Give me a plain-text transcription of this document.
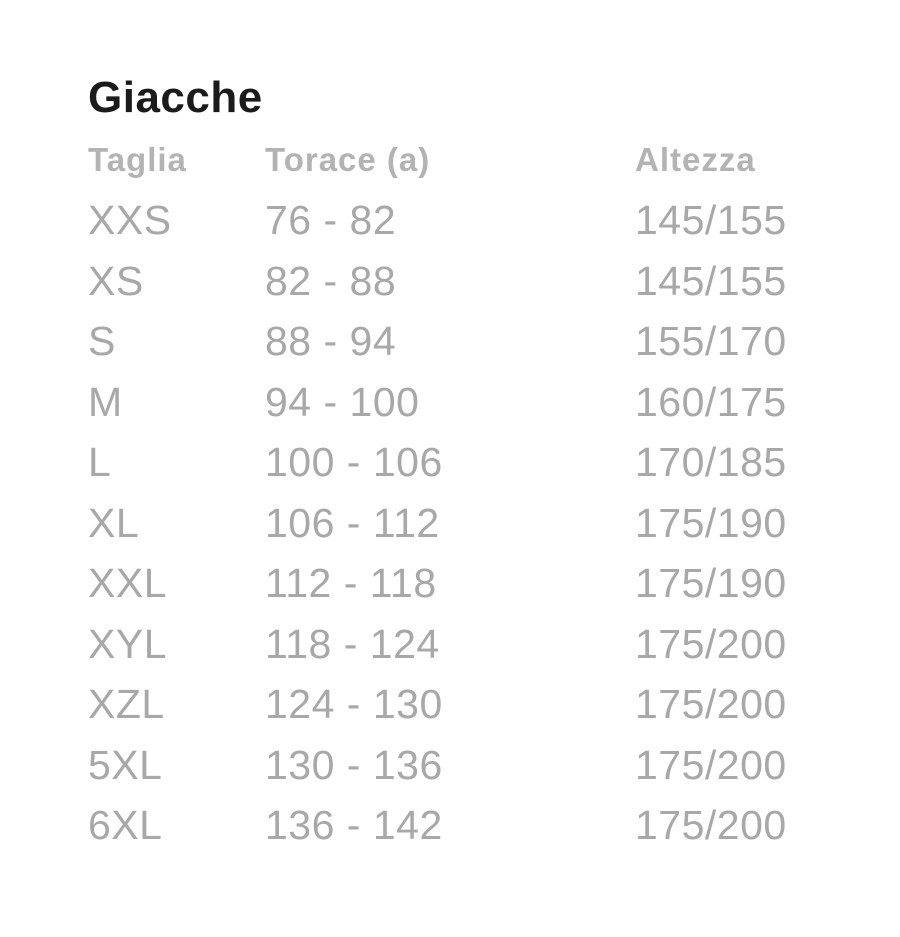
Giacche
Taglia	Torace (a)	Altezza
XXS	76 - 82	145/155
XS	82 - 88	145/155
S	88 - 94	155/170
M	94 - 100	160/175
L	100 - 106	170/185
XL	106 - 112	175/190
XXL	112 - 118	175/190
XYL	118 - 124	175/200
XZL	124 - 130	175/200
5XL	130 - 136	175/200
6XL	136 - 142	175/200
